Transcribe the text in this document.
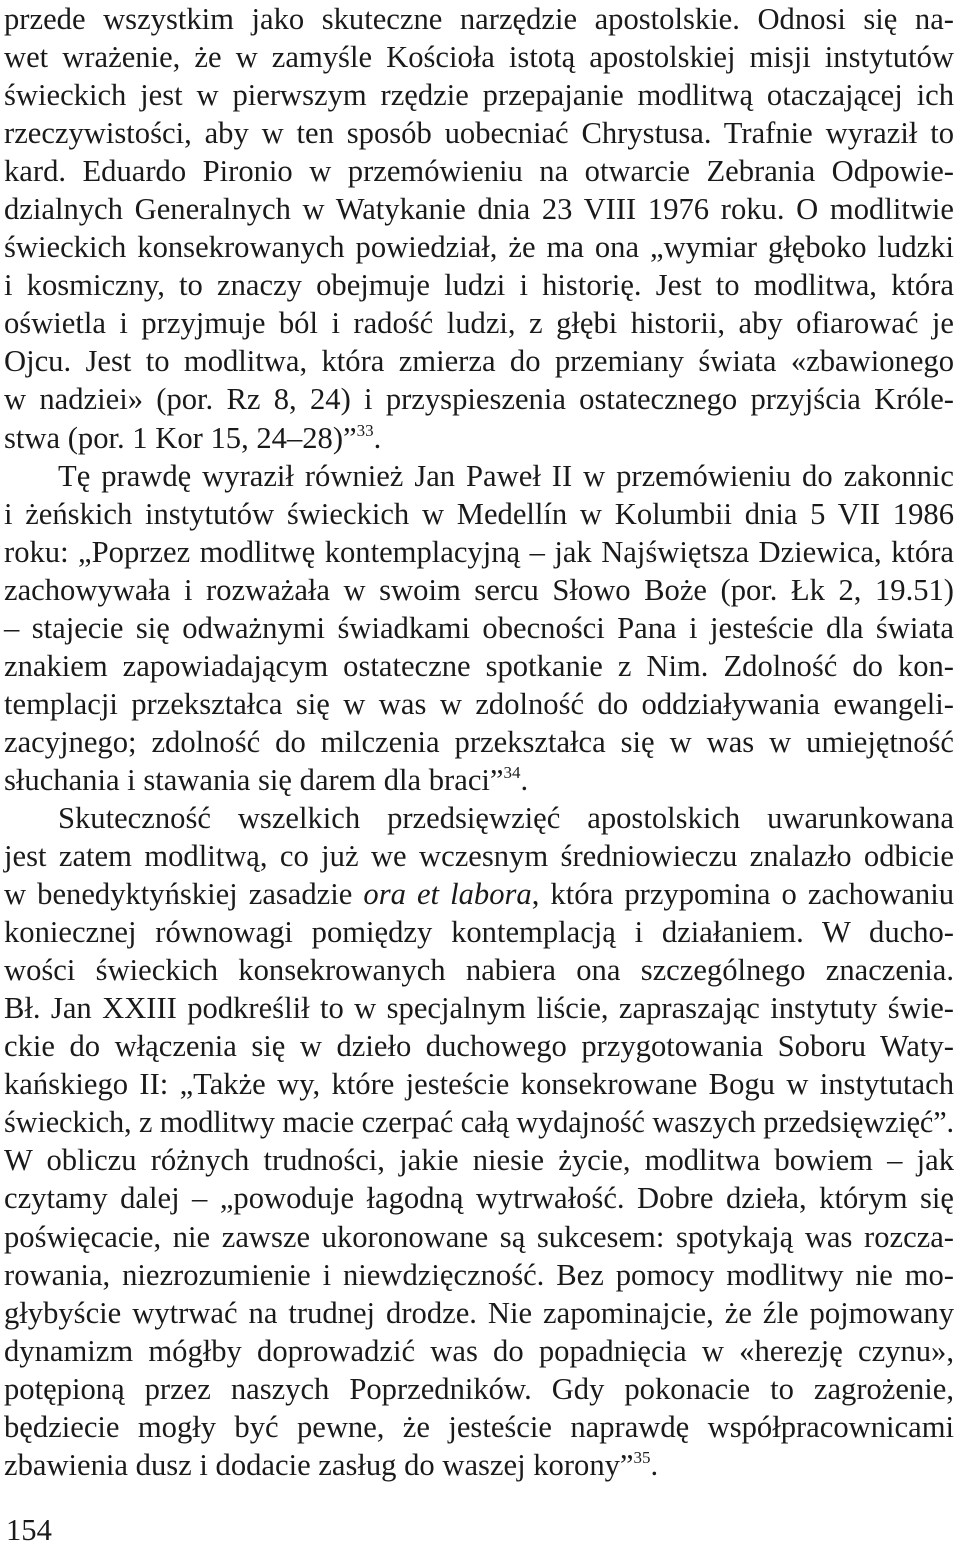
przede wszystkim jako skuteczne narzędzie apostolskie. Odnosi się na-
wet wrażenie, że w zamyśle Kościoła istotą apostolskiej misji instytutów
świeckich jest w pierwszym rzędzie przepajanie modlitwą otaczającej ich
rzeczywistości, aby w ten sposób uobecniać Chrystusa. Trafnie wyraził to
kard. Eduardo Pironio w przemówieniu na otwarcie Zebrania Odpowie-
dzialnych Generalnych w Watykanie dnia 23 VIII 1976 roku. O modlitwie
świeckich konsekrowanych powiedział, że ma ona „wymiar głęboko ludzki
i kosmiczny, to znaczy obejmuje ludzi i historię. Jest to modlitwa, która
oświetla i przyjmuje ból i radość ludzi, z głębi historii, aby ofiarować je
Ojcu. Jest to modlitwa, która zmierza do przemiany świata «zbawionego
w nadziei» (por. Rz 8, 24) i przyspieszenia ostatecznego przyjścia Króle-
stwa (por. 1 Kor 15, 24–28)”$^{33}$.
Tę prawdę wyraził również Jan Paweł II w przemówieniu do zakonnic
i żeńskich instytutów świeckich w Medellín w Kolumbii dnia 5 VII 1986
roku: „Poprzez modlitwę kontemplacyjną – jak Najświętsza Dziewica, która
zachowywała i rozważała w swoim sercu Słowo Boże (por. Łk 2, 19.51)
– stajecie się odważnymi świadkami obecności Pana i jesteście dla świata
znakiem zapowiadającym ostateczne spotkanie z Nim. Zdolność do kon-
templacji przekształca się w was w zdolność do oddziaływania ewangeli-
zacyjnego; zdolność do milczenia przekształca się w was w umiejętność
słuchania i stawania się darem dla braci”$^{34}$.
Skuteczność wszelkich przedsięwzięć apostolskich uwarunkowana
jest zatem modlitwą, co już we wczesnym średniowieczu znalazło odbicie
w benedyktyńskiej zasadzie ora et labora, która przypomina o zachowaniu
koniecznej równowagi pomiędzy kontemplacją i działaniem. W ducho-
wości świeckich konsekrowanych nabiera ona szczególnego znaczenia.
Bł. Jan XXIII podkreślił to w specjalnym liście, zapraszając instytuty świe-
ckie do włączenia się w dzieło duchowego przygotowania Soboru Waty-
kańskiego II: „Także wy, które jesteście konsekrowane Bogu w instytutach
świeckich, z modlitwy macie czerpać całą wydajność waszych przedsięwzięć”.
W obliczu różnych trudności, jakie niesie życie, modlitwa bowiem – jak
czytamy dalej – „powoduje łagodną wytrwałość. Dobre dzieła, którym się
poświęcacie, nie zawsze ukoronowane są sukcesem: spotykają was rozcza-
rowania, niezrozumienie i niewdzięczność. Bez pomocy modlitwy nie mo-
głybyście wytrwać na trudnej drodze. Nie zapominajcie, że źle pojmowany
dynamizm mógłby doprowadzić was do popadnięcia w «herezję czynu»,
potępioną przez naszych Poprzedników. Gdy pokonacie to zagrożenie,
będziecie mogły być pewne, że jesteście naprawdę współpracownicami
zbawienia dusz i dodacie zasług do waszej korony”$^{35}$.
154
